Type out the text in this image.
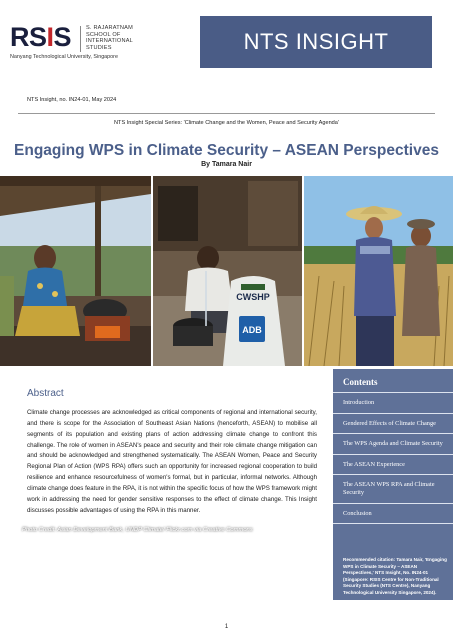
RSIS	S. RAJARATNAM
SCHOOL OF
INTERNATIONAL
STUDIES
Nanyang Technological University, Singapore
NTS INSIGHT
NTS Insight, no. IN24-01, May 2024
NTS Insight Special Series: 'Climate Change and the Women, Peace and Security Agenda'
Engaging WPS in Climate Security – ASEAN Perspectives
By Tamara Nair
CWSHP
ADB
Photo Credit: Asian Development Bank, UNDP Climate/ Flickr.com via Creative Commons
Abstract
Climate change processes are acknowledged as critical components of regional and international security, and there is scope for the Association of Southeast Asian Nations (henceforth, ASEAN) to mobilise all segments of its population and existing plans of action addressing climate change to confront this challenge. The role of women in ASEAN's peace and security and their role climate change mitigation can and should be acknowledged and strengthened systematically. The ASEAN Women, Peace and Security Regional Plan of Action (WPS RPA) offers such an opportunity for increased regional cooperation to build resilience and enhance resourcefulness of women's formal, but in particular, informal networks. Although climate change does feature in the RPA, it is not within the specific focus of how the WPS framework might work in addressing the need for gender sensitive responses to the effect of climate change. This Insight discusses possible advantages of using the RPA in this manner.
Contents
Introduction
Gendered Effects of Climate Change
The WPS Agenda and Climate Security
The ASEAN Experience
The ASEAN WPS RPA and Climate Security
Conclusion
Recommended citation: Tamara Nair, 'Engaging WPS in Climate Security – ASEAN Perspectives,' NTS Insight, No. IN24-01 (Singapore: RSIS Centre for Non-Traditional Security Studies (NTS Centre), Nanyang Technological University Singapore, 2024).
1
